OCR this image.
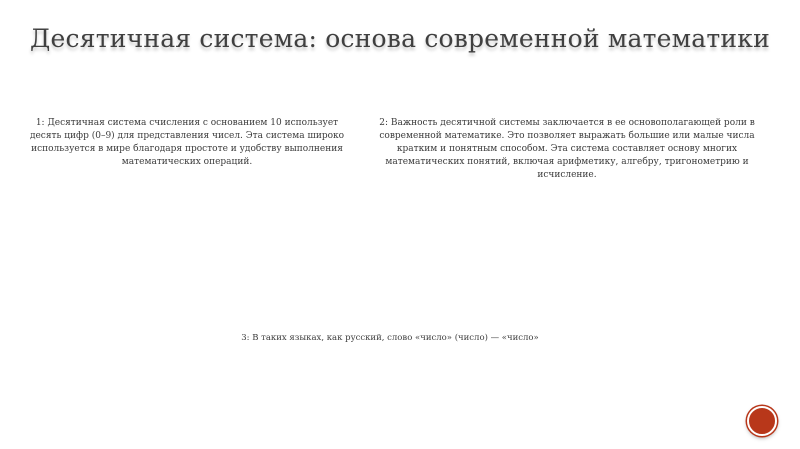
Десятичная система: основа современной математики
1: Десятичная система счисления с основанием 10 использует десять цифр (0–9) для представления чисел. Эта система широко используется в мире благодаря простоте и удобству выполнения математических операций.
2: Важность десятичной системы заключается в ее основополагающей роли в современной математике. Это позволяет выражать большие или малые числа кратким и понятным способом. Эта система составляет основу многих математических понятий, включая арифметику, алгебру, тригонометрию и исчисление.
3: В таких языках, как русский, слово «число» (число) — «число»
